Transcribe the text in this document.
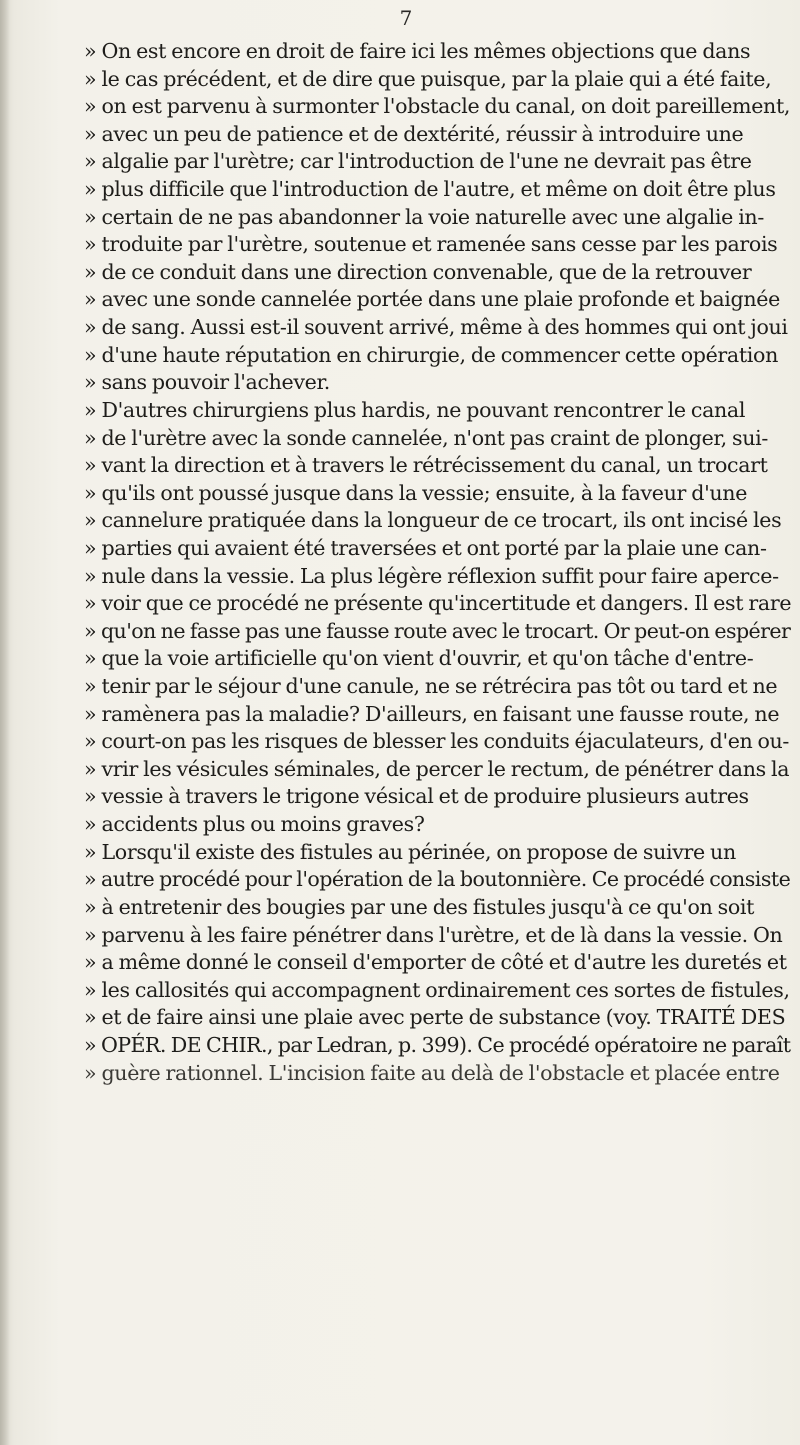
7
» On est encore en droit de faire ici les mêmes objections que dans
» le cas précédent, et de dire que puisque, par la plaie qui a été faite,
» on est parvenu à surmonter l'obstacle du canal, on doit pareillement,
» avec un peu de patience et de dextérité, réussir à introduire une
» algalie par l'urètre; car l'introduction de l'une ne devrait pas être
» plus difficile que l'introduction de l'autre, et même on doit être plus
» certain de ne pas abandonner la voie naturelle avec une algalie in-
» troduite par l'urètre, soutenue et ramenée sans cesse par les parois
» de ce conduit dans une direction convenable, que de la retrouver
» avec une sonde cannelée portée dans une plaie profonde et baignée
» de sang. Aussi est-il souvent arrivé, même à des hommes qui ont joui
» d'une haute réputation en chirurgie, de commencer cette opération
» sans pouvoir l'achever.
» D'autres chirurgiens plus hardis, ne pouvant rencontrer le canal
» de l'urètre avec la sonde cannelée, n'ont pas craint de plonger, sui-
» vant la direction et à travers le rétrécissement du canal, un trocart
» qu'ils ont poussé jusque dans la vessie; ensuite, à la faveur d'une
» cannelure pratiquée dans la longueur de ce trocart, ils ont incisé les
» parties qui avaient été traversées et ont porté par la plaie une can-
» nule dans la vessie. La plus légère réflexion suffit pour faire aperce-
» voir que ce procédé ne présente qu'incertitude et dangers. Il est rare
» qu'on ne fasse pas une fausse route avec le trocart. Or peut-on espérer
» que la voie artificielle qu'on vient d'ouvrir, et qu'on tâche d'entre-
» tenir par le séjour d'une canule, ne se rétrécira pas tôt ou tard et ne
» ramènera pas la maladie? D'ailleurs, en faisant une fausse route, ne
» court-on pas les risques de blesser les conduits éjaculateurs, d'en ou-
» vrir les vésicules séminales, de percer le rectum, de pénétrer dans la
» vessie à travers le trigone vésical et de produire plusieurs autres
» accidents plus ou moins graves?
» Lorsqu'il existe des fistules au périnée, on propose de suivre un
» autre procédé pour l'opération de la boutonnière. Ce procédé consiste
» à entretenir des bougies par une des fistules jusqu'à ce qu'on soit
» parvenu à les faire pénétrer dans l'urètre, et de là dans la vessie. On
» a même donné le conseil d'emporter de côté et d'autre les duretés et
» les callosités qui accompagnent ordinairement ces sortes de fistules,
» et de faire ainsi une plaie avec perte de substance (voy. TRAITÉ DES
» OPÉR. DE CHIR., par Ledran, p. 399). Ce procédé opératoire ne paraît
» guère rationnel. L'incision faite au delà de l'obstacle et placée entre
